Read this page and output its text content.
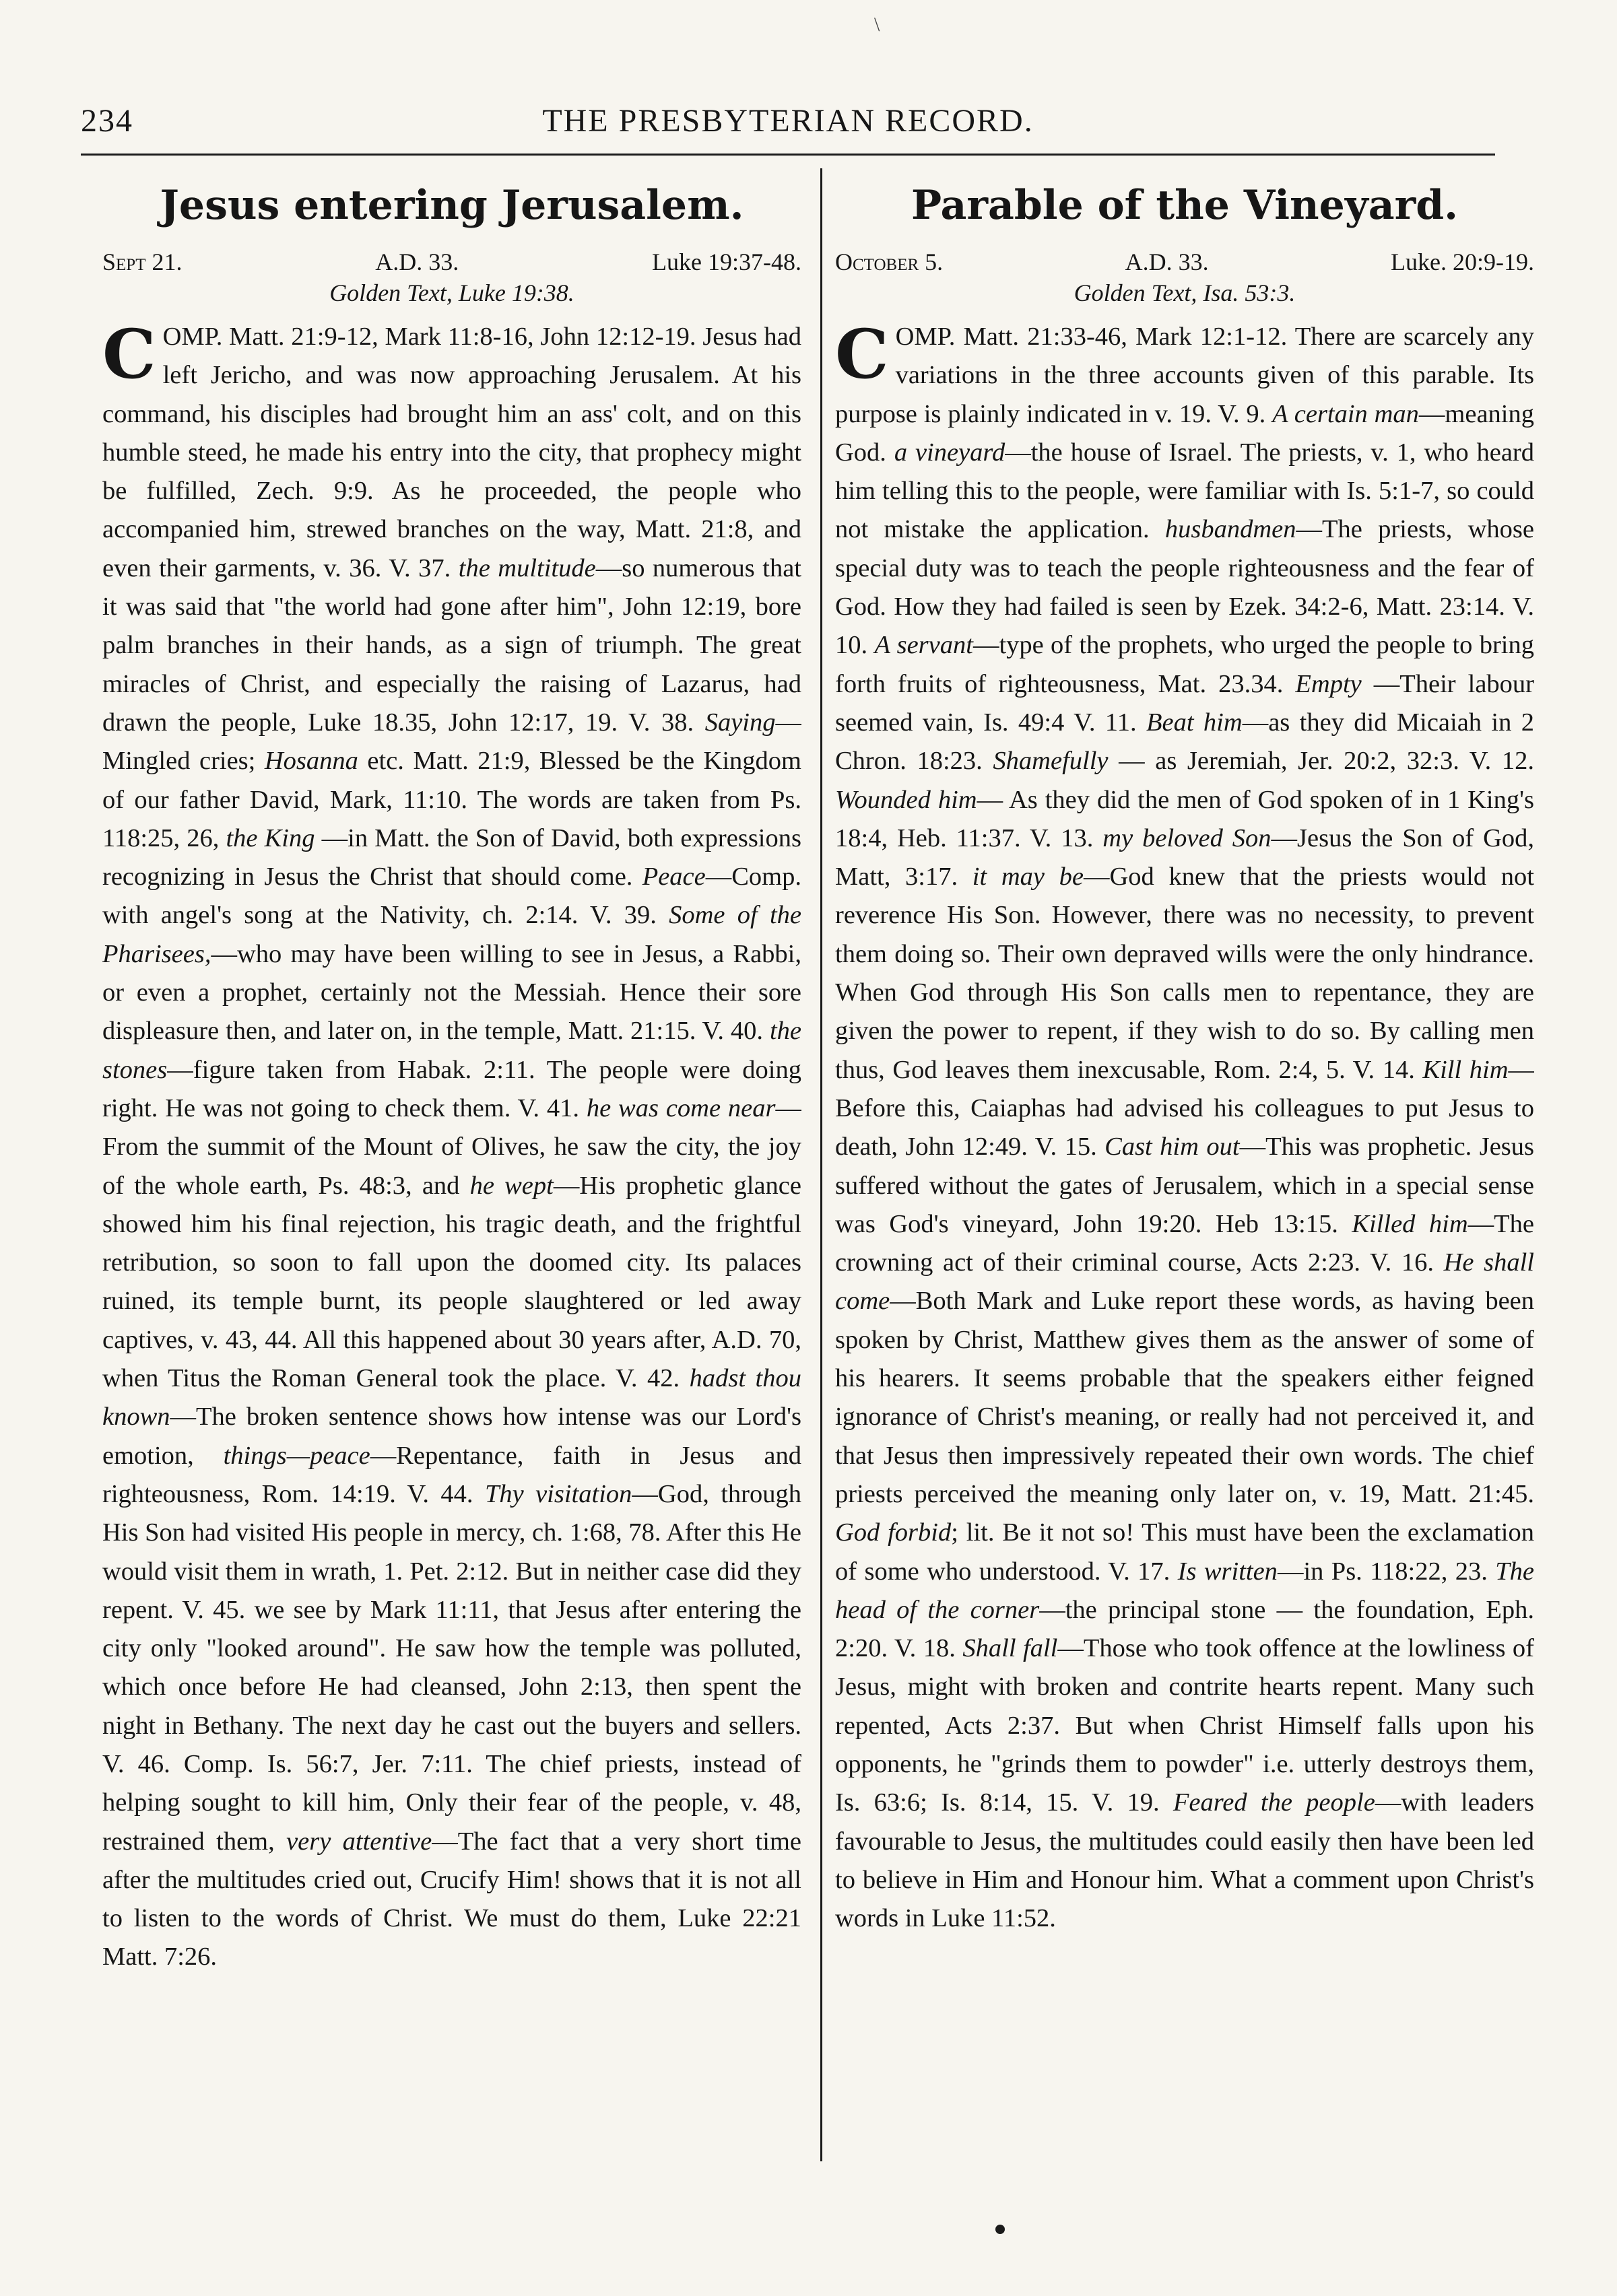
\
234	THE PRESBYTERIAN RECORD.
Jesus entering Jerusalem.
Sept 21.	A.D. 33.	Luke 19:37-48.
Golden Text, Luke 19:38.

C OMP. Matt. 21:9-12, Mark 11:8-16, John 12:12-19. Jesus had left Jericho, and was now approaching Jerusalem. At his command, his disciples had brought him an ass' colt, and on this humble steed, he made his entry into the city, that prophecy might be fulfilled, Zech. 9:9. As he proceeded, the people who accompanied him, strewed branches on the way, Matt. 21:8, and even their garments, v. 36. V. 37. the multitude—so numerous that it was said that "the world had gone after him", John 12:19, bore palm branches in their hands, as a sign of triumph. The great miracles of Christ, and especially the raising of Lazarus, had drawn the people, Luke 18.35, John 12:17, 19. V. 38. Saying—Mingled cries; Hosanna etc. Matt. 21:9, Blessed be the Kingdom of our father David, Mark, 11:10. The words are taken from Ps. 118:25, 26, the King —in Matt. the Son of David, both expressions recognizing in Jesus the Christ that should come. Peace—Comp. with angel's song at the Nativity, ch. 2:14. V. 39. Some of the Pharisees,—who may have been willing to see in Jesus, a Rabbi, or even a prophet, certainly not the Messiah. Hence their sore displeasure then, and later on, in the temple, Matt. 21:15. V. 40. the stones—figure taken from Habak. 2:11. The people were doing right. He was not going to check them. V. 41. he was come near—From the summit of the Mount of Olives, he saw the city, the joy of the whole earth, Ps. 48:3, and he wept—His prophetic glance showed him his final rejection, his tragic death, and the frightful retribution, so soon to fall upon the doomed city. Its palaces ruined, its temple burnt, its people slaughtered or led away captives, v. 43, 44. All this happened about 30 years after, A.D. 70, when Titus the Roman General took the place. V. 42. hadst thou known—The broken sentence shows how intense was our Lord's emotion, things—peace—Repentance, faith in Jesus and righteousness, Rom. 14:19. V. 44. Thy visitation—God, through His Son had visited His people in mercy, ch. 1:68, 78. After this He would visit them in wrath, 1. Pet. 2:12. But in neither case did they repent. V. 45. we see by Mark 11:11, that Jesus after entering the city only "looked around". He saw how the temple was polluted, which once before He had cleansed, John 2:13, then spent the night in Bethany. The next day he cast out the buyers and sellers. V. 46. Comp. Is. 56:7, Jer. 7:11. The chief priests, instead of helping sought to kill him, Only their fear of the people, v. 48, restrained them, very attentive—The fact that a very short time after the multitudes cried out, Crucify Him! shows that it is not all to listen to the words of Christ. We must do them, Luke 22:21 Matt. 7:26.

Parable of the Vineyard.
October 5.	A.D. 33.	Luke. 20:9-19.
Golden Text, Isa. 53:3.

C OMP. Matt. 21:33-46, Mark 12:1-12. There are scarcely any variations in the three accounts given of this parable. Its purpose is plainly indicated in v. 19. V. 9. A certain man—meaning God. a vineyard—the house of Israel. The priests, v. 1, who heard him telling this to the people, were familiar with Is. 5:1-7, so could not mistake the application. husbandmen—The priests, whose special duty was to teach the people righteousness and the fear of God. How they had failed is seen by Ezek. 34:2-6, Matt. 23:14. V. 10. A servant—type of the prophets, who urged the people to bring forth fruits of righteousness, Mat. 23.34. Empty —Their labour seemed vain, Is. 49:4 V. 11. Beat him—as they did Micaiah in 2 Chron. 18:23. Shamefully — as Jeremiah, Jer. 20:2, 32:3. V. 12. Wounded him— As they did the men of God spoken of in 1 King's 18:4, Heb. 11:37. V. 13. my beloved Son—Jesus the Son of God, Matt, 3:17. it may be—God knew that the priests would not reverence His Son. However, there was no necessity, to prevent them doing so. Their own depraved wills were the only hindrance. When God through His Son calls men to repentance, they are given the power to repent, if they wish to do so. By calling men thus, God leaves them inexcusable, Rom. 2:4, 5. V. 14. Kill him—Before this, Caiaphas had advised his colleagues to put Jesus to death, John 12:49. V. 15. Cast him out—This was prophetic. Jesus suffered without the gates of Jerusalem, which in a special sense was God's vineyard, John 19:20. Heb 13:15. Killed him—The crowning act of their criminal course, Acts 2:23. V. 16. He shall come—Both Mark and Luke report these words, as having been spoken by Christ, Matthew gives them as the answer of some of his hearers. It seems probable that the speakers either feigned ignorance of Christ's meaning, or really had not perceived it, and that Jesus then impressively repeated their own words. The chief priests perceived the meaning only later on, v. 19, Matt. 21:45. God forbid; lit. Be it not so! This must have been the exclamation of some who understood. V. 17. Is written—in Ps. 118:22, 23. The head of the corner—the principal stone — the foundation, Eph. 2:20. V. 18. Shall fall—Those who took offence at the lowliness of Jesus, might with broken and contrite hearts repent. Many such repented, Acts 2:37. But when Christ Himself falls upon his opponents, he "grinds them to powder" i.e. utterly destroys them, Is. 63:6; Is. 8:14, 15. V. 19. Feared the people—with leaders favourable to Jesus, the multitudes could easily then have been led to believe in Him and Honour him. What a comment upon Christ's words in Luke 11:52.
